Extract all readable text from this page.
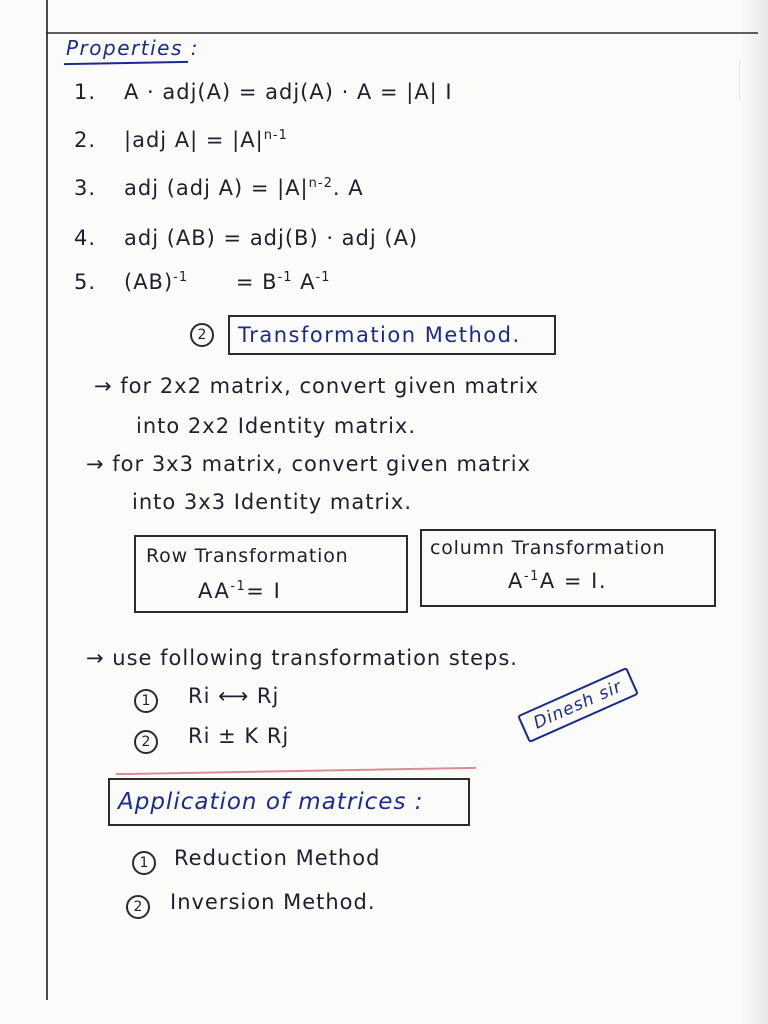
Properties :
1. A · adj(A) = adj(A) · A = |A| I
2. |adj $A| = |A|^{n-1}$
3. adj (adj $A) = |A|^{n-2}$. A
4. adj (AB) = adj(B) · adj (A)
5. $(AB)^{-1} = B^{-1}$ $A^{-1}$
2	Transformation Method.
→ for 2x2 matrix, convert given matrix
into 2x2 Identity matrix.
→ for 3x3 matrix, convert given matrix
into 3x3 Identity matrix.
Row Transformation
$AA^{-1}= I$
column Transformation
$A^{-1}A = I$.
→ use following transformation steps.
1	Ri ⟷ Rj
2	Ri ± K Rj
Dinesh sir
Application of matrices :
1	Reduction Method
2	Inversion Method.
